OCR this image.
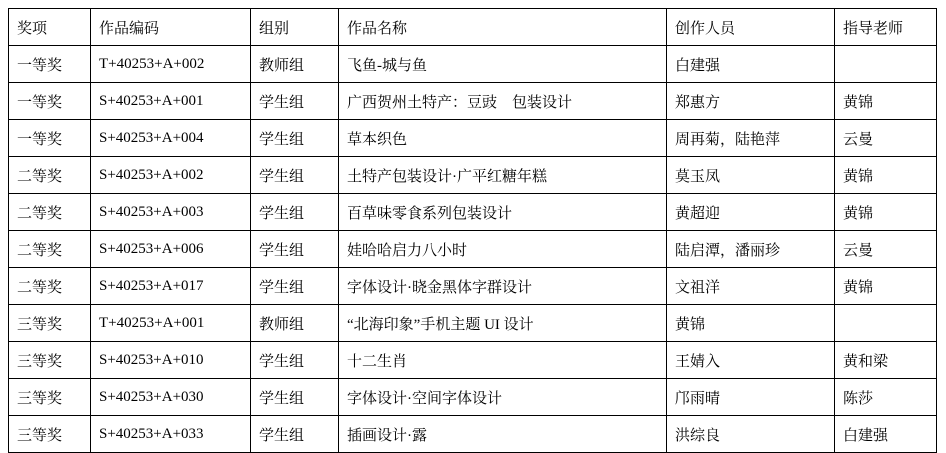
奖项	作品编码	组别	作品名称	创作人员	指导老师
一等奖	T+40253+A+002	教师组	飞鱼-城与鱼	白建强	
一等奖	S+40253+A+001	学生组	广西贺州土特产：豆豉　包装设计	郑惠方	黄锦
一等奖	S+40253+A+004	学生组	草本织色	周再菊，陆艳萍	云曼
二等奖	S+40253+A+002	学生组	土特产包装设计·广平红糖年糕	莫玉凤	黄锦
二等奖	S+40253+A+003	学生组	百草味零食系列包装设计	黄超迎	黄锦
二等奖	S+40253+A+006	学生组	娃哈哈启力八小时	陆启潭，潘丽珍	云曼
二等奖	S+40253+A+017	学生组	字体设计·晓金黑体字群设计	文祖洋	黄锦
三等奖	T+40253+A+001	教师组	“北海印象”手机主题 UI 设计	黄锦	
三等奖	S+40253+A+010	学生组	十二生肖	王婧入	黄和梁
三等奖	S+40253+A+030	学生组	字体设计·空间字体设计	邝雨晴	陈莎
三等奖	S+40253+A+033	学生组	插画设计·露	洪综良	白建强
